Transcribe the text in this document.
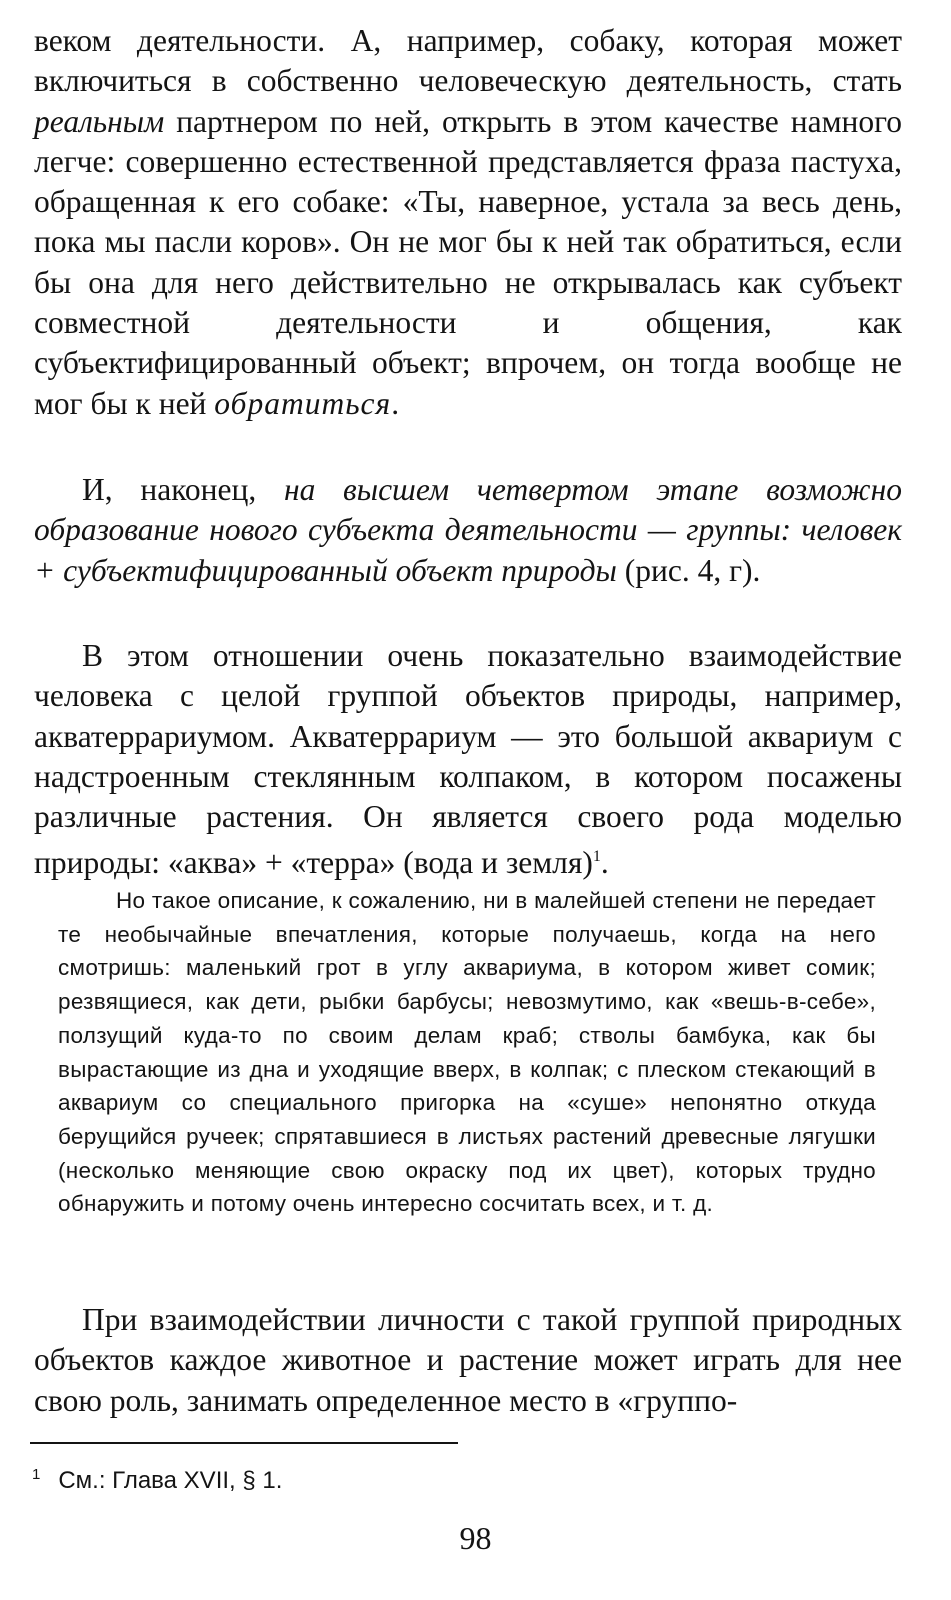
веком деятельности. А, например, собаку, которая может включиться в собственно человеческую деятельность, стать реальным партнером по ней, открыть в этом качестве намного легче: совершенно естественной представляется фраза пастуха, обращенная к его собаке: «Ты, наверное, устала за весь день, пока мы пасли коров». Он не мог бы к ней так обратиться, если бы она для него действительно не открывалась как субъект совместной деятельности и общения, как субъектифицированный объект; впрочем, он тогда вообще не мог бы к ней обратиться.

И, наконец, на высшем четвертом этапе возможно образование нового субъекта деятельности — группы: человек + субъектифицированный объект природы (рис. 4, г).

В этом отношении очень показательно взаимодействие человека с целой группой объектов природы, например, акватеррариумом. Акватеррариум — это большой аквариум с надстроенным стеклянным колпаком, в котором посажены различные растения. Он является своего рода моделью природы: «аква» + «терра» (вода и земля)$^1$.

Но такое описание, к сожалению, ни в малейшей степени не передает те необычайные впечатления, которые получаешь, когда на него смотришь: маленький грот в углу аквариума, в котором живет сомик; резвящиеся, как дети, рыбки барбусы; невозмутимо, как «вешь-в-себе», ползущий куда-то по своим делам краб; стволы бамбука, как бы вырастающие из дна и уходящие вверх, в колпак; с плеском стекающий в аквариум со специального пригорка на «суше» непонятно откуда берущийся ручеек; спрятавшиеся в листьях растений древесные лягушки (несколько меняющие свою окраску под их цвет), которых трудно обнаружить и потому очень интересно сосчитать всех, и т. д.

При взаимодействии личности с такой группой природных объектов каждое животное и растение может играть для нее свою роль, занимать определенное место в «группо-

$^1$ См.: Глава XVII, § 1.

98
